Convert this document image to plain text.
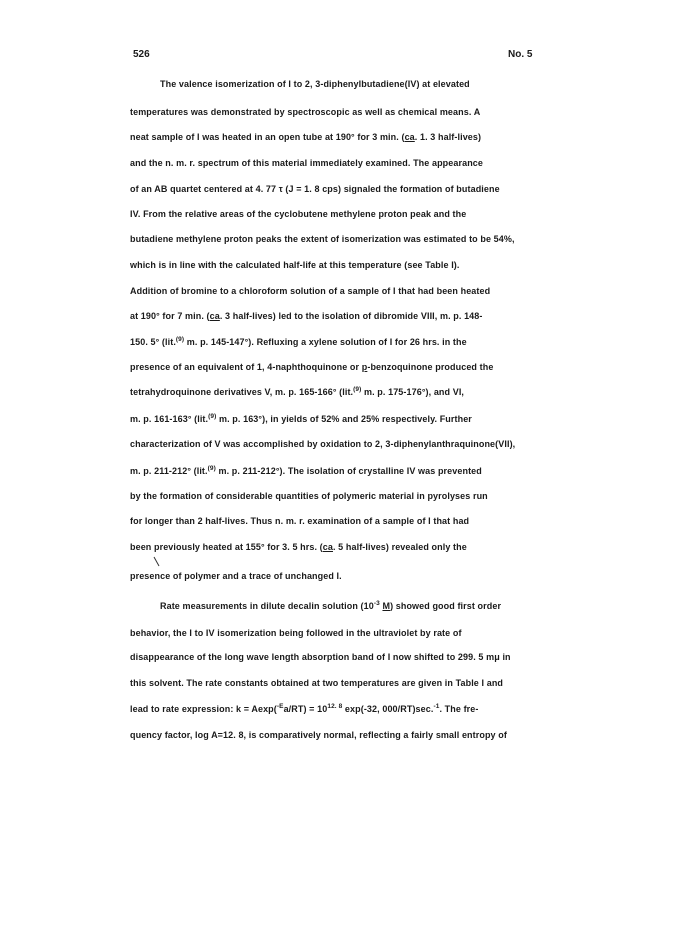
526	No. 5
The valence isomerization of I to 2, 3-diphenylbutadiene(IV) at elevated
temperatures was demonstrated by spectroscopic as well as chemical means. A
neat sample of I was heated in an open tube at 190° for 3 min. (ca. 1. 3 half-lives)
and the n. m. r. spectrum of this material immediately examined. The appearance
of an AB quartet centered at 4. 77 τ (J = 1. 8 cps) signaled the formation of butadiene
IV. From the relative areas of the cyclobutene methylene proton peak and the
butadiene methylene proton peaks the extent of isomerization was estimated to be 54%,
which is in line with the calculated half-life at this temperature (see Table I).
Addition of bromine to a chloroform solution of a sample of I that had been heated
at 190° for 7 min. (ca. 3 half-lives) led to the isolation of dibromide VIII, m. p. 148-
150. 5° (lit.$^{(9)}$ m. p. 145-147°). Refluxing a xylene solution of I for 26 hrs. in the
presence of an equivalent of 1, 4-naphthoquinone or p-benzoquinone produced the
tetrahydroquinone derivatives V, m. p. 165-166° (lit.$^{(9)}$ m. p. 175-176°), and VI,
m. p. 161-163° (lit.$^{(9)}$ m. p. 163°), in yields of 52% and 25% respectively. Further
characterization of V was accomplished by oxidation to 2, 3-diphenylanthraquinone(VII),
m. p. 211-212° (lit.$^{(9)}$ m. p. 211-212°). The isolation of crystalline IV was prevented
by the formation of considerable quantities of polymeric material in pyrolyses run
for longer than 2 half-lives. Thus n. m. r. examination of a sample of I that had
been previously heated at 155° for 3. 5 hrs. (ca. 5 half-lives) revealed only the
presence of polymer and a trace of unchanged I.
Rate measurements in dilute decalin solution ($10^{-3}$ M) showed good first order
behavior, the I to IV isomerization being followed in the ultraviolet by rate of
disappearance of the long wave length absorption band of I now shifted to 299. 5 mμ in
this solvent. The rate constants obtained at two temperatures are given in Table I and
lead to rate expression: $k = Aexp(^{-E}a/RT) = 10^{12. 8}$ exp(-32, 000/RT)sec.$^{-1}$. The fre-
quency factor, log A=12. 8, is comparatively normal, reflecting a fairly small entropy of
